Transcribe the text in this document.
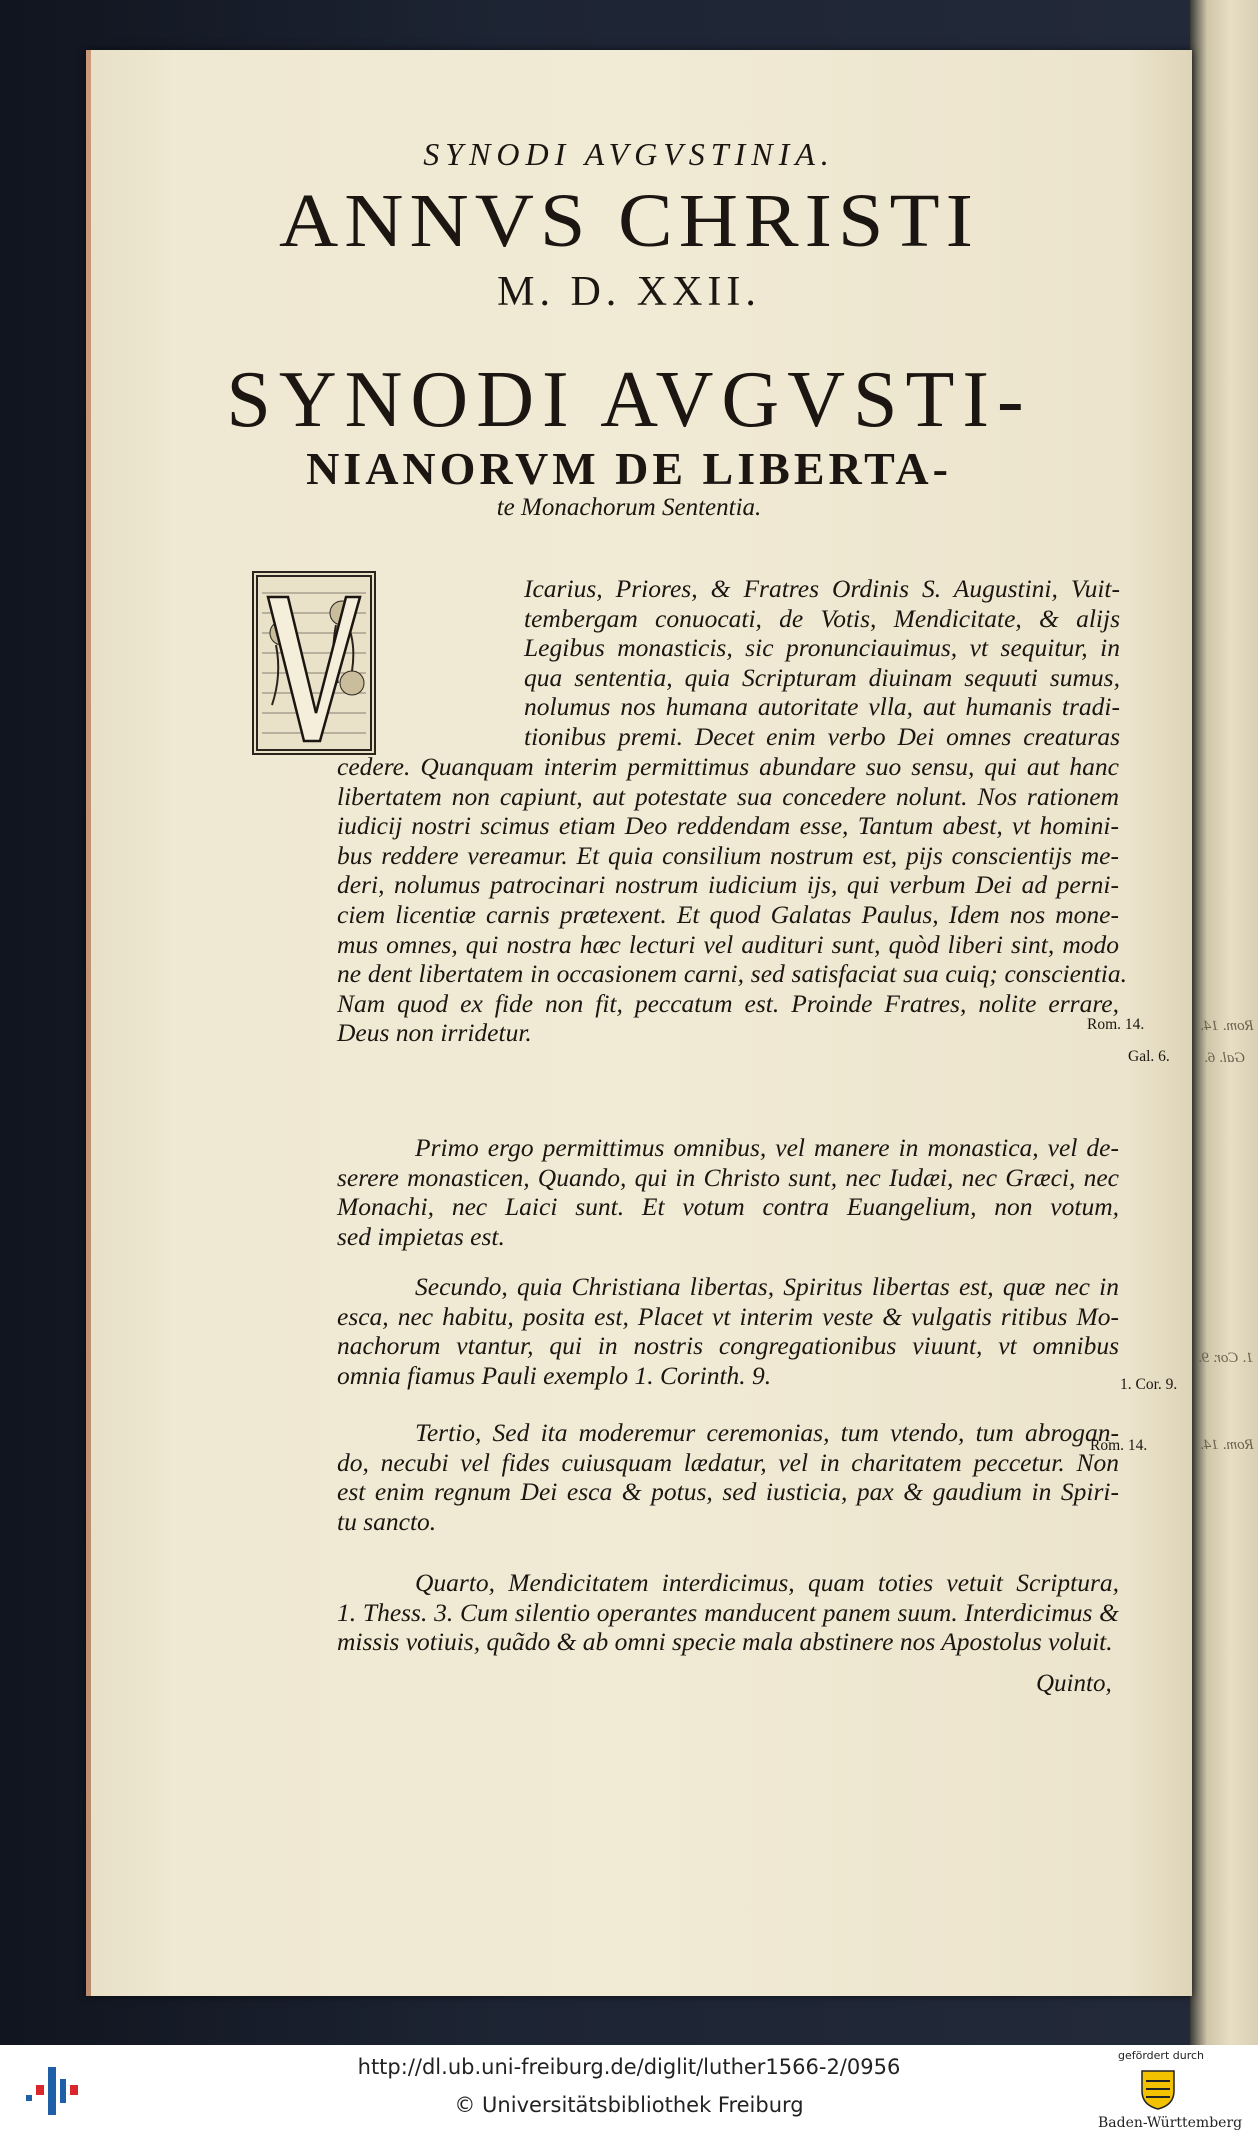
Rom. 14.
Gal. 6.
1. Cor. 9.
Rom. 14.
SYNODI AVGVSTINIA.
ANNVS CHRISTI
M. D. XXII.
SYNODI AVGVSTI-
NIANORVM DE LIBERTA-
te Monachorum Sententia.
Icarius, Priores, & Fratres Ordinis S. Augustini, Vuit-
tembergam conuocati, de Votis, Mendicitate, & alijs
Legibus monasticis, sic pronunciauimus, vt sequitur, in
qua sententia, quia Scripturam diuinam sequuti sumus,
nolumus nos humana autoritate vlla, aut humanis tradi-
tionibus premi. Decet enim verbo Dei omnes creaturas
cedere. Quanquam interim permittimus abundare suo sensu, qui aut hanc
libertatem non capiunt, aut potestate sua concedere nolunt. Nos rationem
iudicij nostri scimus etiam Deo reddendam esse, Tantum abest, vt homini-
bus reddere vereamur. Et quia consilium nostrum est, pijs conscientijs me-
deri, nolumus patrocinari nostrum iudicium ijs, qui verbum Dei ad perni-
ciem licentiæ carnis prætexent. Et quod Galatas Paulus, Idem nos mone-
mus omnes, qui nostra hæc lecturi vel audituri sunt, quòd liberi sint, modo
ne dent libertatem in occasionem carni, sed satisfaciat sua cuiq; conscientia.
Nam quod ex fide non fit, peccatum est. Proinde Fratres, nolite errare,
Deus non irridetur.
Primo ergo permittimus omnibus, vel manere in monastica, vel de-
serere monasticen, Quando, qui in Christo sunt, nec Iudæi, nec Græci, nec
Monachi, nec Laici sunt. Et votum contra Euangelium, non votum,
sed impietas est.
Secundo, quia Christiana libertas, Spiritus libertas est, quæ nec in
esca, nec habitu, posita est, Placet vt interim veste & vulgatis ritibus Mo-
nachorum vtantur, qui in nostris congregationibus viuunt, vt omnibus
omnia fiamus Pauli exemplo 1. Corinth. 9.
Tertio, Sed ita moderemur ceremonias, tum vtendo, tum abrogan-
do, necubi vel fides cuiusquam lædatur, vel in charitatem peccetur. Non
est enim regnum Dei esca & potus, sed iusticia, pax & gaudium in Spiri-
tu sancto.
Quarto, Mendicitatem interdicimus, quam toties vetuit Scriptura,
1. Thess. 3. Cum silentio operantes manducent panem suum. Interdicimus &
missis votiuis, quãdo & ab omni specie mala abstinere nos Apostolus voluit.
Rom. 14.
Gal. 6.
1. Cor. 9.
Rom. 14.
Quinto,
http://dl.ub.uni-freiburg.de/diglit/luther1566-2/0956
© Universitätsbibliothek Freiburg
gefördert durch
Baden-Württemberg
